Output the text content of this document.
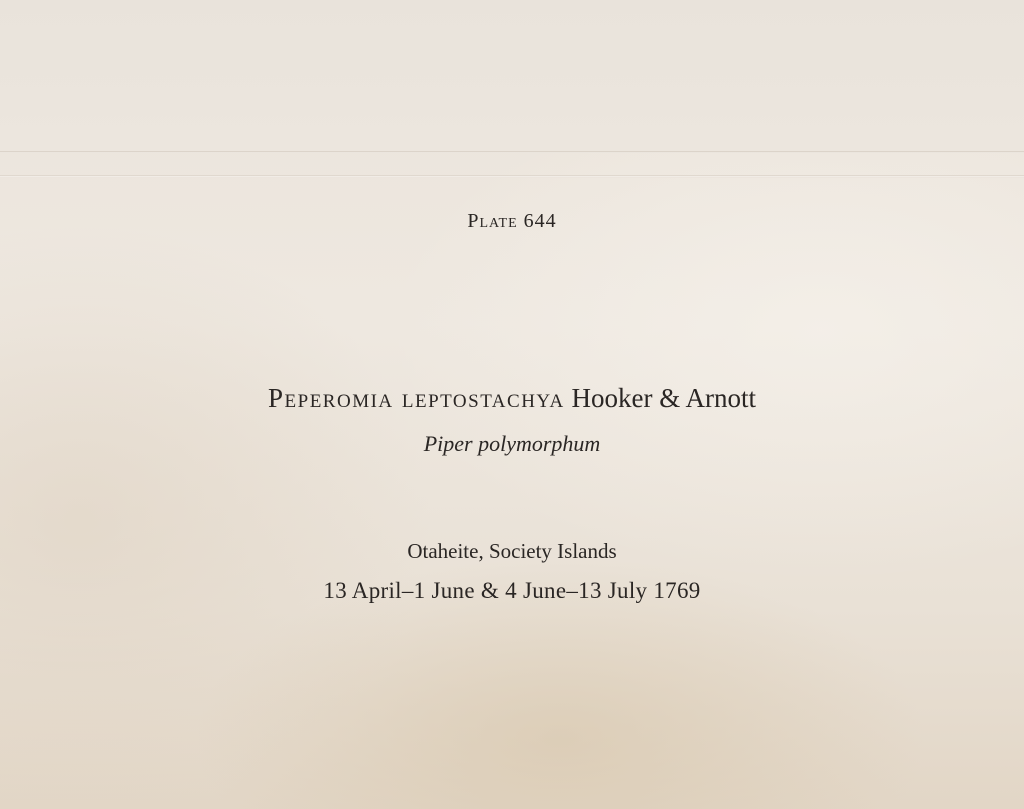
Plate 644
Peperomia leptostachya Hooker & Arnott
Piper polymorphum
Otaheite, Society Islands
13 April–1 June & 4 June–13 July 1769
